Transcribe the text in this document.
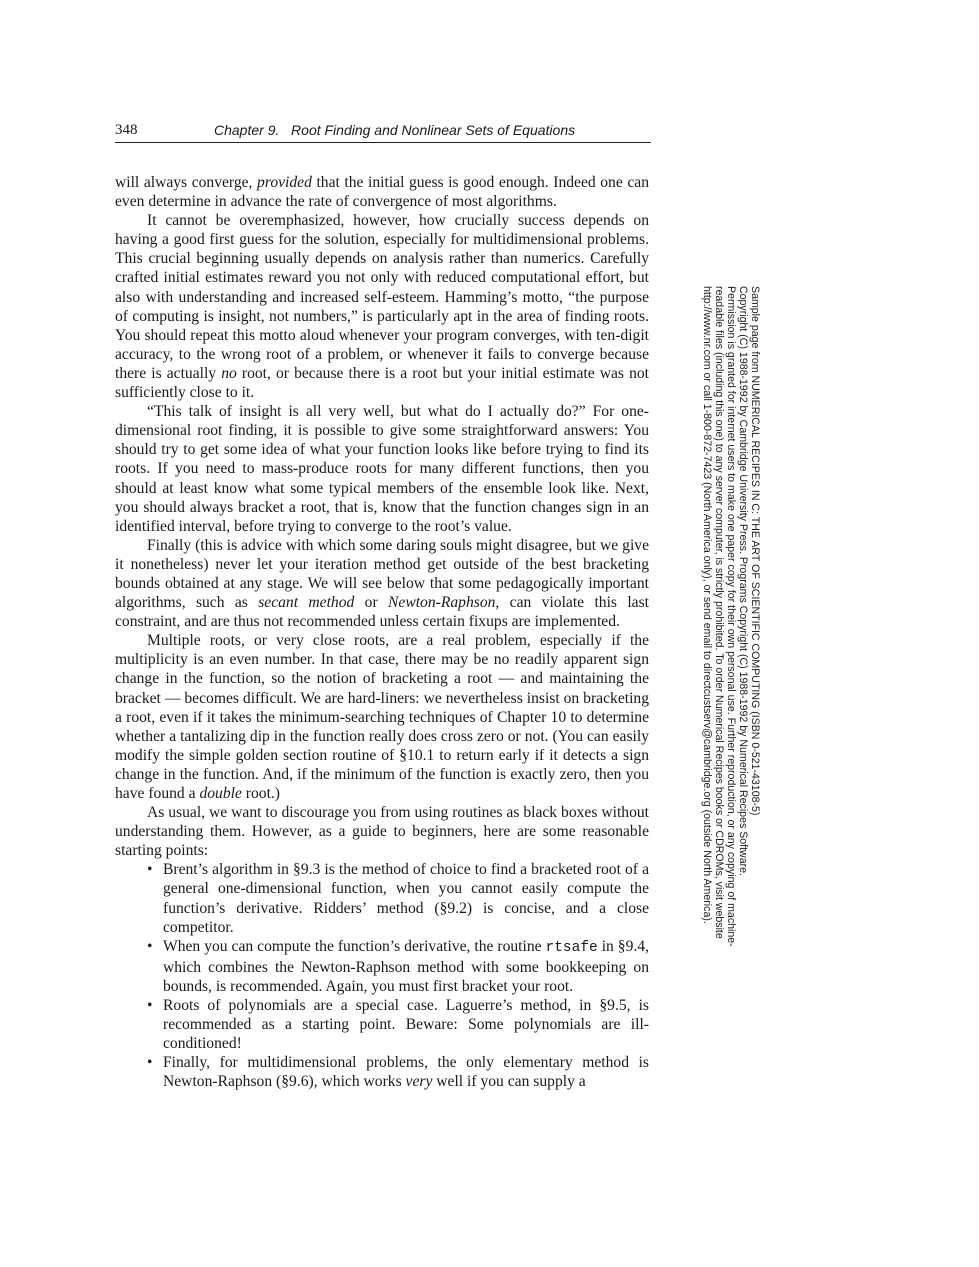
348	Chapter 9.   Root Finding and Nonlinear Sets of Equations

will always converge, provided that the initial guess is good enough. Indeed one can even determine in advance the rate of convergence of most algorithms.

It cannot be overemphasized, however, how crucially success depends on having a good first guess for the solution, especially for multidimensional problems. This crucial beginning usually depends on analysis rather than numerics. Carefully crafted initial estimates reward you not only with reduced computational effort, but also with understanding and increased self-esteem. Hamming’s motto, “the purpose of computing is insight, not numbers,” is particularly apt in the area of finding roots. You should repeat this motto aloud whenever your program converges, with ten-digit accuracy, to the wrong root of a problem, or whenever it fails to converge because there is actually no root, or because there is a root but your initial estimate was not sufficiently close to it.

“This talk of insight is all very well, but what do I actually do?” For one-dimensional root finding, it is possible to give some straightforward answers: You should try to get some idea of what your function looks like before trying to find its roots. If you need to mass-produce roots for many different functions, then you should at least know what some typical members of the ensemble look like. Next, you should always bracket a root, that is, know that the function changes sign in an identified interval, before trying to converge to the root’s value.

Finally (this is advice with which some daring souls might disagree, but we give it nonetheless) never let your iteration method get outside of the best bracketing bounds obtained at any stage. We will see below that some pedagogically important algorithms, such as secant method or Newton-Raphson, can violate this last constraint, and are thus not recommended unless certain fixups are implemented.

Multiple roots, or very close roots, are a real problem, especially if the multiplicity is an even number. In that case, there may be no readily apparent sign change in the function, so the notion of bracketing a root — and maintaining the bracket — becomes difficult. We are hard-liners: we nevertheless insist on bracketing a root, even if it takes the minimum-searching techniques of Chapter 10 to determine whether a tantalizing dip in the function really does cross zero or not. (You can easily modify the simple golden section routine of §10.1 to return early if it detects a sign change in the function. And, if the minimum of the function is exactly zero, then you have found a double root.)

As usual, we want to discourage you from using routines as black boxes without understanding them. However, as a guide to beginners, here are some reasonable starting points:

• Brent’s algorithm in §9.3 is the method of choice to find a bracketed root of a general one-dimensional function, when you cannot easily compute the function’s derivative. Ridders’ method (§9.2) is concise, and a close competitor.
• When you can compute the function’s derivative, the routine rtsafe in §9.4, which combines the Newton-Raphson method with some bookkeeping on bounds, is recommended. Again, you must first bracket your root.
• Roots of polynomials are a special case. Laguerre’s method, in §9.5, is recommended as a starting point. Beware: Some polynomials are ill-conditioned!
• Finally, for multidimensional problems, the only elementary method is Newton-Raphson (§9.6), which works very well if you can supply a
Sample page from NUMERICAL RECIPES IN C: THE ART OF SCIENTIFIC COMPUTING (ISBN 0-521-43108-5)
Copyright (C) 1988-1992 by Cambridge University Press. Programs Copyright (C) 1988-1992 by Numerical Recipes Software.
Permission is granted for internet users to make one paper copy for their own personal use. Further reproduction, or any copying of machine-
readable files (including this one) to any server computer, is strictly prohibited. To order Numerical Recipes books or CDROMs, visit website
http://www.nr.com or call 1-800-872-7423 (North America only), or send email to directcustserv@cambridge.org (outside North America).
